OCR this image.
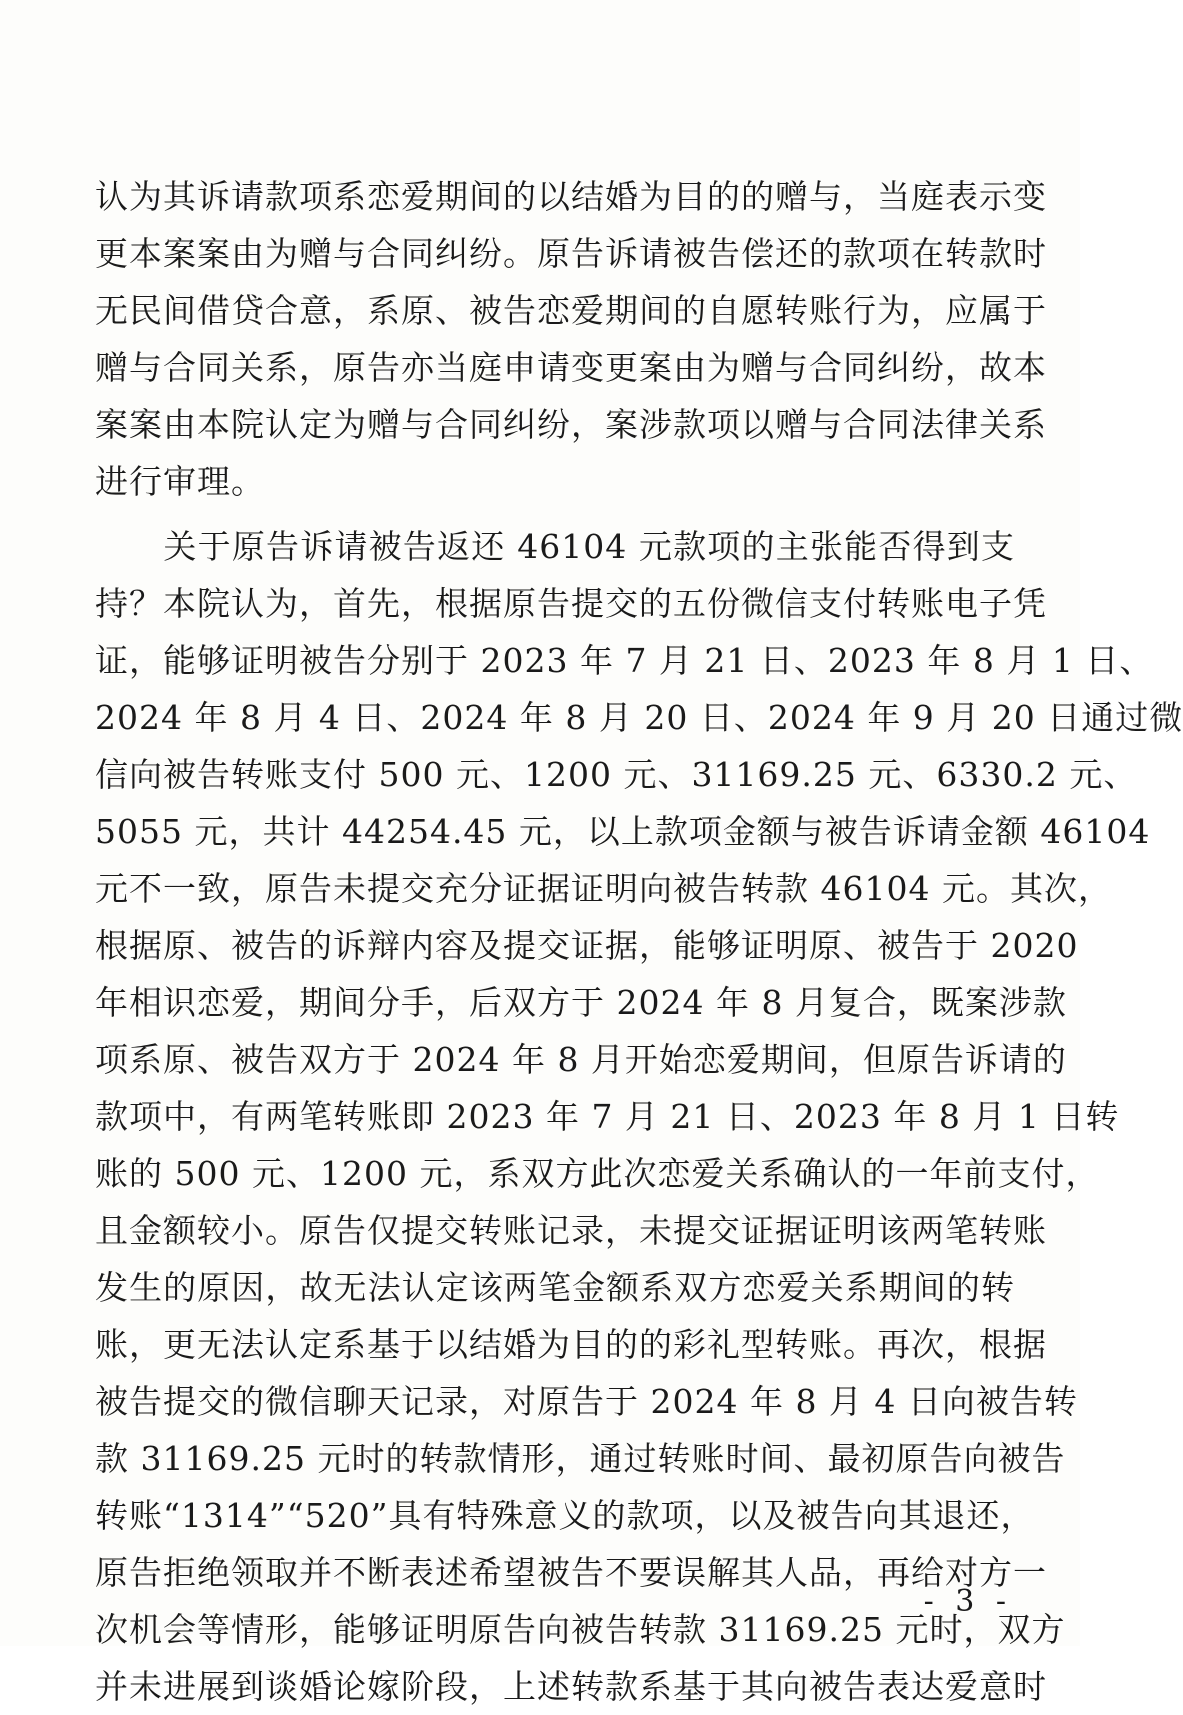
认为其诉请款项系恋爱期间的以结婚为目的的赠与，当庭表示变
更本案案由为赠与合同纠纷。原告诉请被告偿还的款项在转款时
无民间借贷合意，系原、被告恋爱期间的自愿转账行为，应属于
赠与合同关系，原告亦当庭申请变更案由为赠与合同纠纷，故本
案案由本院认定为赠与合同纠纷，案涉款项以赠与合同法律关系
进行审理。
　　关于原告诉请被告返还 46104 元款项的主张能否得到支
持？本院认为，首先，根据原告提交的五份微信支付转账电子凭
证，能够证明被告分别于 2023 年 7 月 21 日、2023 年 8 月 1 日、
2024 年 8 月 4 日、2024 年 8 月 20 日、2024 年 9 月 20 日通过微
信向被告转账支付 500 元、1200 元、31169.25 元、6330.2 元、
5055 元，共计 44254.45 元，以上款项金额与被告诉请金额 46104
元不一致，原告未提交充分证据证明向被告转款 46104 元。其次，
根据原、被告的诉辩内容及提交证据，能够证明原、被告于 2020
年相识恋爱，期间分手，后双方于 2024 年 8 月复合，既案涉款
项系原、被告双方于 2024 年 8 月开始恋爱期间，但原告诉请的
款项中，有两笔转账即 2023 年 7 月 21 日、2023 年 8 月 1 日转
账的 500 元、1200 元，系双方此次恋爱关系确认的一年前支付，
且金额较小。原告仅提交转账记录，未提交证据证明该两笔转账
发生的原因，故无法认定该两笔金额系双方恋爱关系期间的转
账，更无法认定系基于以结婚为目的的彩礼型转账。再次，根据
被告提交的微信聊天记录，对原告于 2024 年 8 月 4 日向被告转
款 31169.25 元时的转款情形，通过转账时间、最初原告向被告
转账“1314”“520”具有特殊意义的款项，以及被告向其退还，
原告拒绝领取并不断表述希望被告不要误解其人品，再给对方一
次机会等情形，能够证明原告向被告转款 31169.25 元时，双方
并未进展到谈婚论嫁阶段，上述转款系基于其向被告表达爱意时
- 3 -
